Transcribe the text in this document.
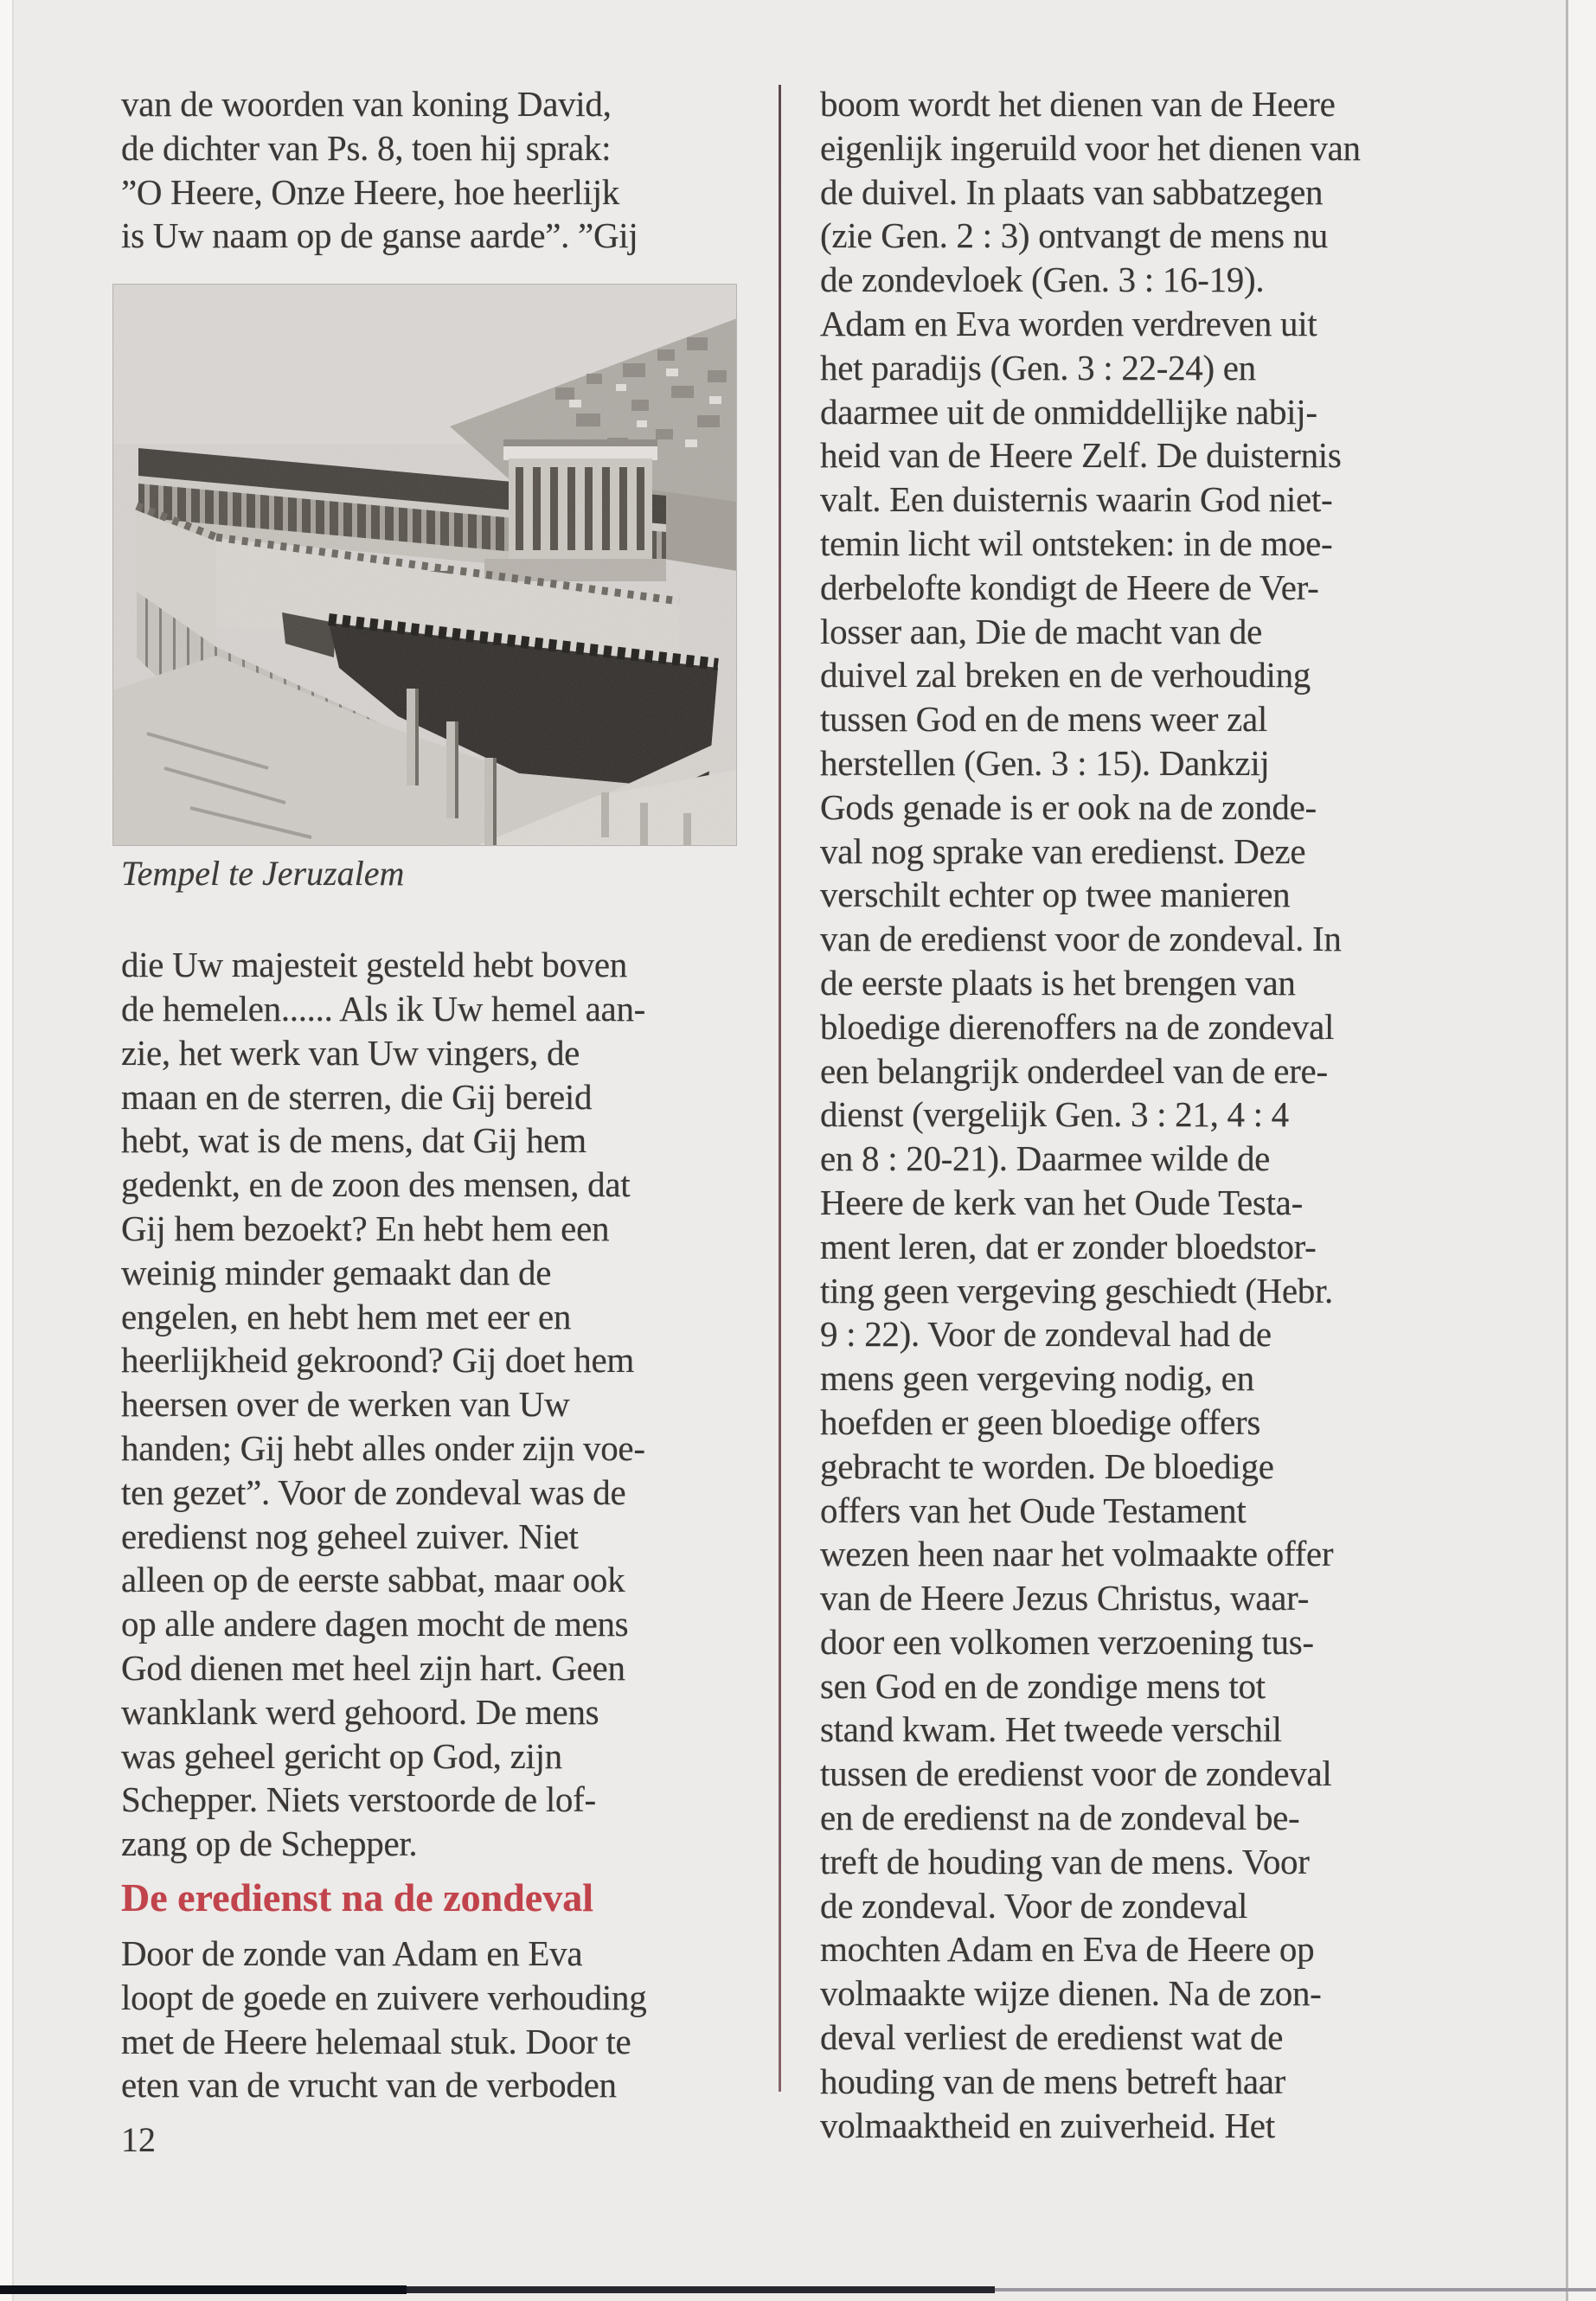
van de woorden van koning David,
de dichter van Ps. 8, toen hij sprak:
”O Heere, Onze Heere, hoe heerlijk
is Uw naam op de ganse aarde”. ”Gij
Tempel te Jeruzalem
die Uw majesteit gesteld hebt boven
de hemelen...... Als ik Uw hemel aan-
zie, het werk van Uw vingers, de
maan en de sterren, die Gij bereid
hebt, wat is de mens, dat Gij hem
gedenkt, en de zoon des mensen, dat
Gij hem bezoekt? En hebt hem een
weinig minder gemaakt dan de
engelen, en hebt hem met eer en
heerlijkheid gekroond? Gij doet hem
heersen over de werken van Uw
handen; Gij hebt alles onder zijn voe-
ten gezet”. Voor de zondeval was de
eredienst nog geheel zuiver. Niet
alleen op de eerste sabbat, maar ook
op alle andere dagen mocht de mens
God dienen met heel zijn hart. Geen
wanklank werd gehoord. De mens
was geheel gericht op God, zijn
Schepper. Niets verstoorde de lof-
zang op de Schepper.
De eredienst na de zondeval
Door de zonde van Adam en Eva
loopt de goede en zuivere verhouding
met de Heere helemaal stuk. Door te
eten van de vrucht van de verboden
12
boom wordt het dienen van de Heere
eigenlijk ingeruild voor het dienen van
de duivel. In plaats van sabbatzegen
(zie Gen. 2 : 3) ontvangt de mens nu
de zondevloek (Gen. 3 : 16-19).
Adam en Eva worden verdreven uit
het paradijs (Gen. 3 : 22-24) en
daarmee uit de onmiddellijke nabij-
heid van de Heere Zelf. De duisternis
valt. Een duisternis waarin God niet-
temin licht wil ontsteken: in de moe-
derbelofte kondigt de Heere de Ver-
losser aan, Die de macht van de
duivel zal breken en de verhouding
tussen God en de mens weer zal
herstellen (Gen. 3 : 15). Dankzij
Gods genade is er ook na de zonde-
val nog sprake van eredienst. Deze
verschilt echter op twee manieren
van de eredienst voor de zondeval. In
de eerste plaats is het brengen van
bloedige dierenoffers na de zondeval
een belangrijk onderdeel van de ere-
dienst (vergelijk Gen. 3 : 21, 4 : 4
en 8 : 20-21). Daarmee wilde de
Heere de kerk van het Oude Testa-
ment leren, dat er zonder bloedstor-
ting geen vergeving geschiedt (Hebr.
9 : 22). Voor de zondeval had de
mens geen vergeving nodig, en
hoefden er geen bloedige offers
gebracht te worden. De bloedige
offers van het Oude Testament
wezen heen naar het volmaakte offer
van de Heere Jezus Christus, waar-
door een volkomen verzoening tus-
sen God en de zondige mens tot
stand kwam. Het tweede verschil
tussen de eredienst voor de zondeval
en de eredienst na de zondeval be-
treft de houding van de mens. Voor
de zondeval. Voor de zondeval
mochten Adam en Eva de Heere op
volmaakte wijze dienen. Na de zon-
deval verliest de eredienst wat de
houding van de mens betreft haar
volmaaktheid en zuiverheid. Het
